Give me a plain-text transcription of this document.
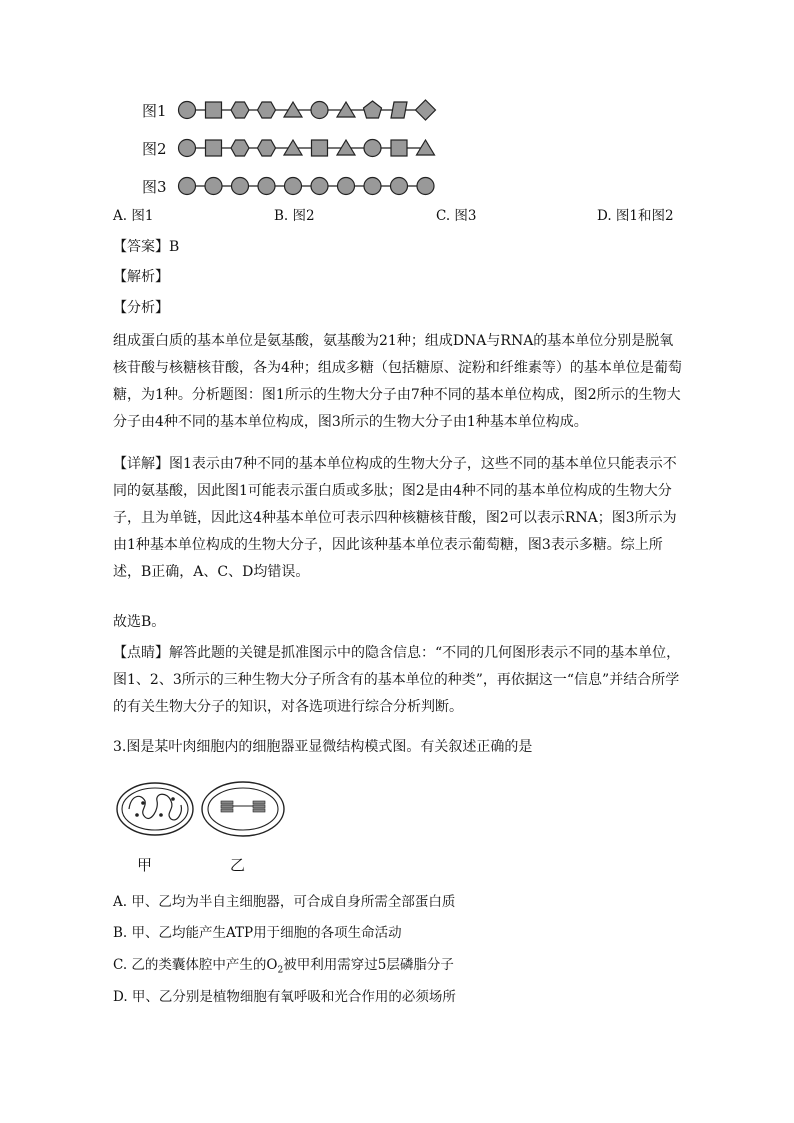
图1
图2
图3
A. 图1	B. 图2	C. 图3	D. 图1和图2
【答案】B
【解析】
【分析】
组成蛋白质的基本单位是氨基酸，氨基酸为21种；组成DNA与RNA的基本单位分别是脱氧核苷酸与核糖核苷酸，各为4种；组成多糖（包括糖原、淀粉和纤维素等）的基本单位是葡萄糖，为1种。分析题图：图1所示的生物大分子由7种不同的基本单位构成，图2所示的生物大分子由4种不同的基本单位构成，图3所示的生物大分子由1种基本单位构成。
【详解】图1表示由7种不同的基本单位构成的生物大分子，这些不同的基本单位只能表示不同的氨基酸，因此图1可能表示蛋白质或多肽；图2是由4种不同的基本单位构成的生物大分子，且为单链，因此这4种基本单位可表示四种核糖核苷酸，图2可以表示RNA；图3所示为由1种基本单位构成的生物大分子，因此该种基本单位表示葡萄糖，图3表示多糖。综上所述，B正确，A、C、D均错误。
故选B。
【点睛】解答此题的关键是抓准图示中的隐含信息：“不同的几何图形表示不同的基本单位，图1、2、3所示的三种生物大分子所含有的基本单位的种类”，再依据这一“信息”并结合所学的有关生物大分子的知识，对各选项进行综合分析判断。
3.图是某叶肉细胞内的细胞器亚显微结构模式图。有关叙述正确的是
甲	乙
A. 甲、乙均为半自主细胞器，可合成自身所需全部蛋白质
B. 甲、乙均能产生ATP用于细胞的各项生命活动
C. 乙的类囊体腔中产生的$O_2$被甲利用需穿过5层磷脂分子
D. 甲、乙分别是植物细胞有氧呼吸和光合作用的必须场所
